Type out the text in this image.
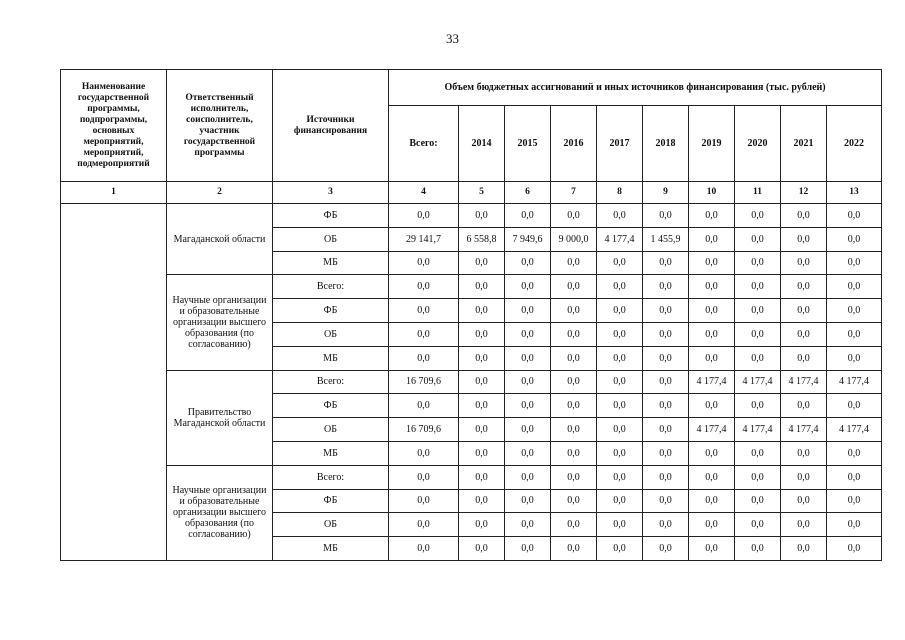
33
Наименование государственной программы, подпрограммы, основных мероприятий, мероприятий, подмероприятий	Ответственный исполнитель, соисполнитель, участник государственной программы	Источники финансирования	Объем бюджетных ассигнований и иных источников финансирования (тыс. рублей)									
			Всего:	2014	2015	2016	2017	2018	2019	2020	2021	2022
1	2	3	4	5	6	7	8	9	10	11	12	13
	Магаданской области	ФБ	0,0	0,0	0,0	0,0	0,0	0,0	0,0	0,0	0,0	0,0
		ОБ	29 141,7	6 558,8	7 949,6	9 000,0	4 177,4	1 455,9	0,0	0,0	0,0	0,0
		МБ	0,0	0,0	0,0	0,0	0,0	0,0	0,0	0,0	0,0	0,0
	Научные организации и образовательные организации высшего образования (по согласованию)	Всего:	0,0	0,0	0,0	0,0	0,0	0,0	0,0	0,0	0,0	0,0
		ФБ	0,0	0,0	0,0	0,0	0,0	0,0	0,0	0,0	0,0	0,0
		ОБ	0,0	0,0	0,0	0,0	0,0	0,0	0,0	0,0	0,0	0,0
		МБ	0,0	0,0	0,0	0,0	0,0	0,0	0,0	0,0	0,0	0,0
	Правительство Магаданской области	Всего:	16 709,6	0,0	0,0	0,0	0,0	0,0	4 177,4	4 177,4	4 177,4	4 177,4
		ФБ	0,0	0,0	0,0	0,0	0,0	0,0	0,0	0,0	0,0	0,0
		ОБ	16 709,6	0,0	0,0	0,0	0,0	0,0	4 177,4	4 177,4	4 177,4	4 177,4
		МБ	0,0	0,0	0,0	0,0	0,0	0,0	0,0	0,0	0,0	0,0
	Научные организации и образовательные организации высшего образования (по согласованию)	Всего:	0,0	0,0	0,0	0,0	0,0	0,0	0,0	0,0	0,0	0,0
		ФБ	0,0	0,0	0,0	0,0	0,0	0,0	0,0	0,0	0,0	0,0
		ОБ	0,0	0,0	0,0	0,0	0,0	0,0	0,0	0,0	0,0	0,0
		МБ	0,0	0,0	0,0	0,0	0,0	0,0	0,0	0,0	0,0	0,0
